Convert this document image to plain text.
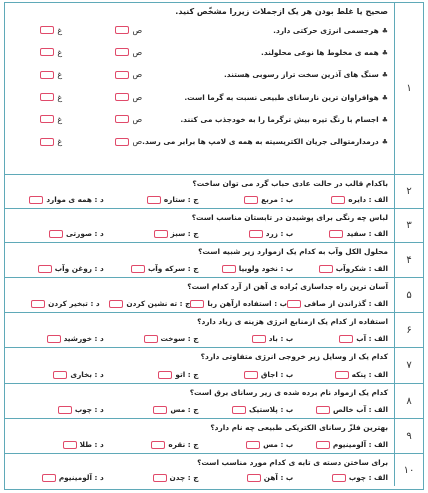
۱
صحیح یا غلط بودن هر یک ازجملات زیررا مشخّص کنید.
♣هرجسمی انرژی حرکتی دارد.
ص
غ
♣همه ی مخلوط ها نوعی محلولند.
ص
غ
♣سنگ های آذرین سخت تراز رسوبی هستند.
ص
غ
♣هوافراوان ترین نارسانای طبیعی نسبت به گرما است.
ص
غ
♣اجسام با رنگ تیره بیش ترگرما را به خودجذب می کنند.
ص
غ
♣درمدارمتوالی جریان الکتریسیته به همه ی لامپ ها برابر می رسد.
ص
غ
۲
باکدام قالب در حالت عادی حباب گرد می توان ساخت؟
الف : دایره
ب : مربع
ج : ستاره
د : همه ی موارد
۳
لباس چه رنگی برای پوشیدن در تابستان مناسب است؟
الف : سفید
ب : زرد
ج : سبز
د : صورتی
۴
محلول الکل وآب به کدام یک ازموارد زیر شبیه است؟
الف : شکروآب
ب : نخود ولوبیا
ج : سرکه وآب
د : روغن وآب
۵
آسان ترین راه جداسازی بُراده ی آهن از آرد کدام است؟
الف : گذراندن از صافی
ب : استفاده ازآهن ربا
ج : ته نشین کردن
د : تبخیر کردن
۶
استفاده از کدام یک ازمنابع انرژی هزینه ی زیاد دارد؟
الف : آب
ب : باد
ج : سوخت
د : خورشید
۷
کدام یک از وسایل زیر خروجی انرژی متفاوتی دارد؟
الف : پنکه
ب : اجاق
ج : اتو
د : بخاری
۸
کدام یک ازمواد نام برده شده ی زیر رسانای برق است؟
الف : آب خالص
ب : پلاستیک
ج : مس
د : چوب
۹
بهترین فلزّ رسانای الکتریکی طبیعی چه نام دارد؟
الف : آلومینیوم
ب : مس
ج : نقره
د : طلا
۱۰
برای ساختن دسته ی تابه ی کدام مورد مناسب است؟
الف : چوب
ب : آهن
ج : چدن
د : آلومینیوم
